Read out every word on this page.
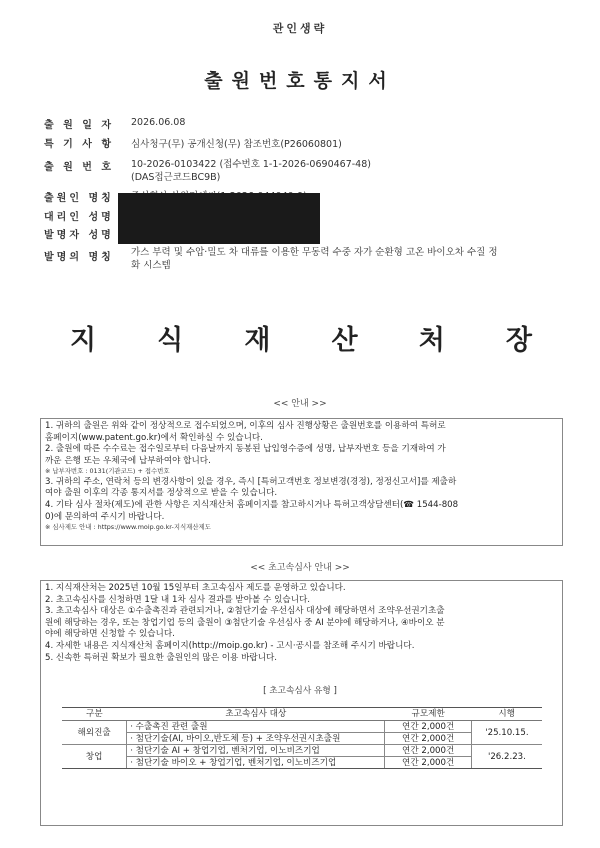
관인생략
출원번호통지서
출 원 일 자 2026.06.08
특 기 사 항 심사청구(무) 공개신청(무) 참조번호(P26060801)
출 원 번 호 10-2026-0103422 (접수번호 1-1-2026-0690467-48)
(DAS접근코드BC9B)
출원인 명칭
대리인 성명
발명자 성명
발명의 명칭 가스 부력 및 수압·밀도 차 대류를 이용한 무동력 수중 자가 순환형 고온 바이오차 수질 정
화 시스템
지 식 재 산 처 장
<< 안내 >>

1. 귀하의 출원은 위와 같이 정상적으로 접수되었으며, 이후의 심사 진행상황은 출원번호를 이용하여 특허로

홈페이지(www.patent.go.kr)에서 확인하실 수 있습니다.

2. 출원에 따른 수수료는 접수일로부터 다음날까지 동봉된 납입영수증에 성명, 납부자번호 등을 기재하여 가

까운 은행 또는 우체국에 납부하여야 합니다.

※ 납부자번호 : 0131(기관코드) + 접수번호

3. 귀하의 주소, 연락처 등의 변경사항이 있을 경우, 즉시 [특허고객번호 정보변경(경정), 정정신고서]를 제출하

여야 출원 이후의 각종 통지서를 정상적으로 받을 수 있습니다.

4. 기타 심사 절차(제도)에 관한 사항은 지식재산처 홈페이지를 참고하시거나 특허고객상담센터(☎ 1544-808

0)에 문의하여 주시기 바랍니다.

※ 심사제도 안내 : https://www.moip.go.kr-지식재산제도

<< 초고속심사 안내 >>

1. 지식재산처는 2025년 10월 15일부터 초고속심사 제도를 운영하고 있습니다.

2. 초고속심사를 신청하면 1달 내 1차 심사 결과를 받아볼 수 있습니다.

3. 초고속심사 대상은 ①수출촉진과 관련되거나, ②첨단기술 우선심사 대상에 해당하면서 조약우선권기초출

원에 해당하는 경우, 또는 창업기업 등의 출원이 ③첨단기술 우선심사 중 AI 분야에 해당하거나, ④바이오 분

야에 해당하면 신청할 수 있습니다.

4. 자세한 내용은 지식재산처 홈페이지(http://moip.go.kr) - 고시·공시를 참조해 주시기 바랍니다.

5. 신속한 특허권 확보가 필요한 출원인의 많은 이용 바랍니다.

[ 초고속심사 유형 ]
구분	초고속심사 대상	규모제한	시행
해외진출	· 수출촉진 관련 출원	연간 2,000건	'25.10.15.
	· 첨단기술(AI, 바이오,반도체 등) + 조약우선권시초출원	연간 2,000건	
창업	· 첨단기술 AI + 창업기업, 벤처기업, 이노비즈기업	연간 2,000건	'26.2.23.
	· 첨단기술 바이오 + 창업기업, 벤처기업, 이노비즈기업	연간 2,000건	
